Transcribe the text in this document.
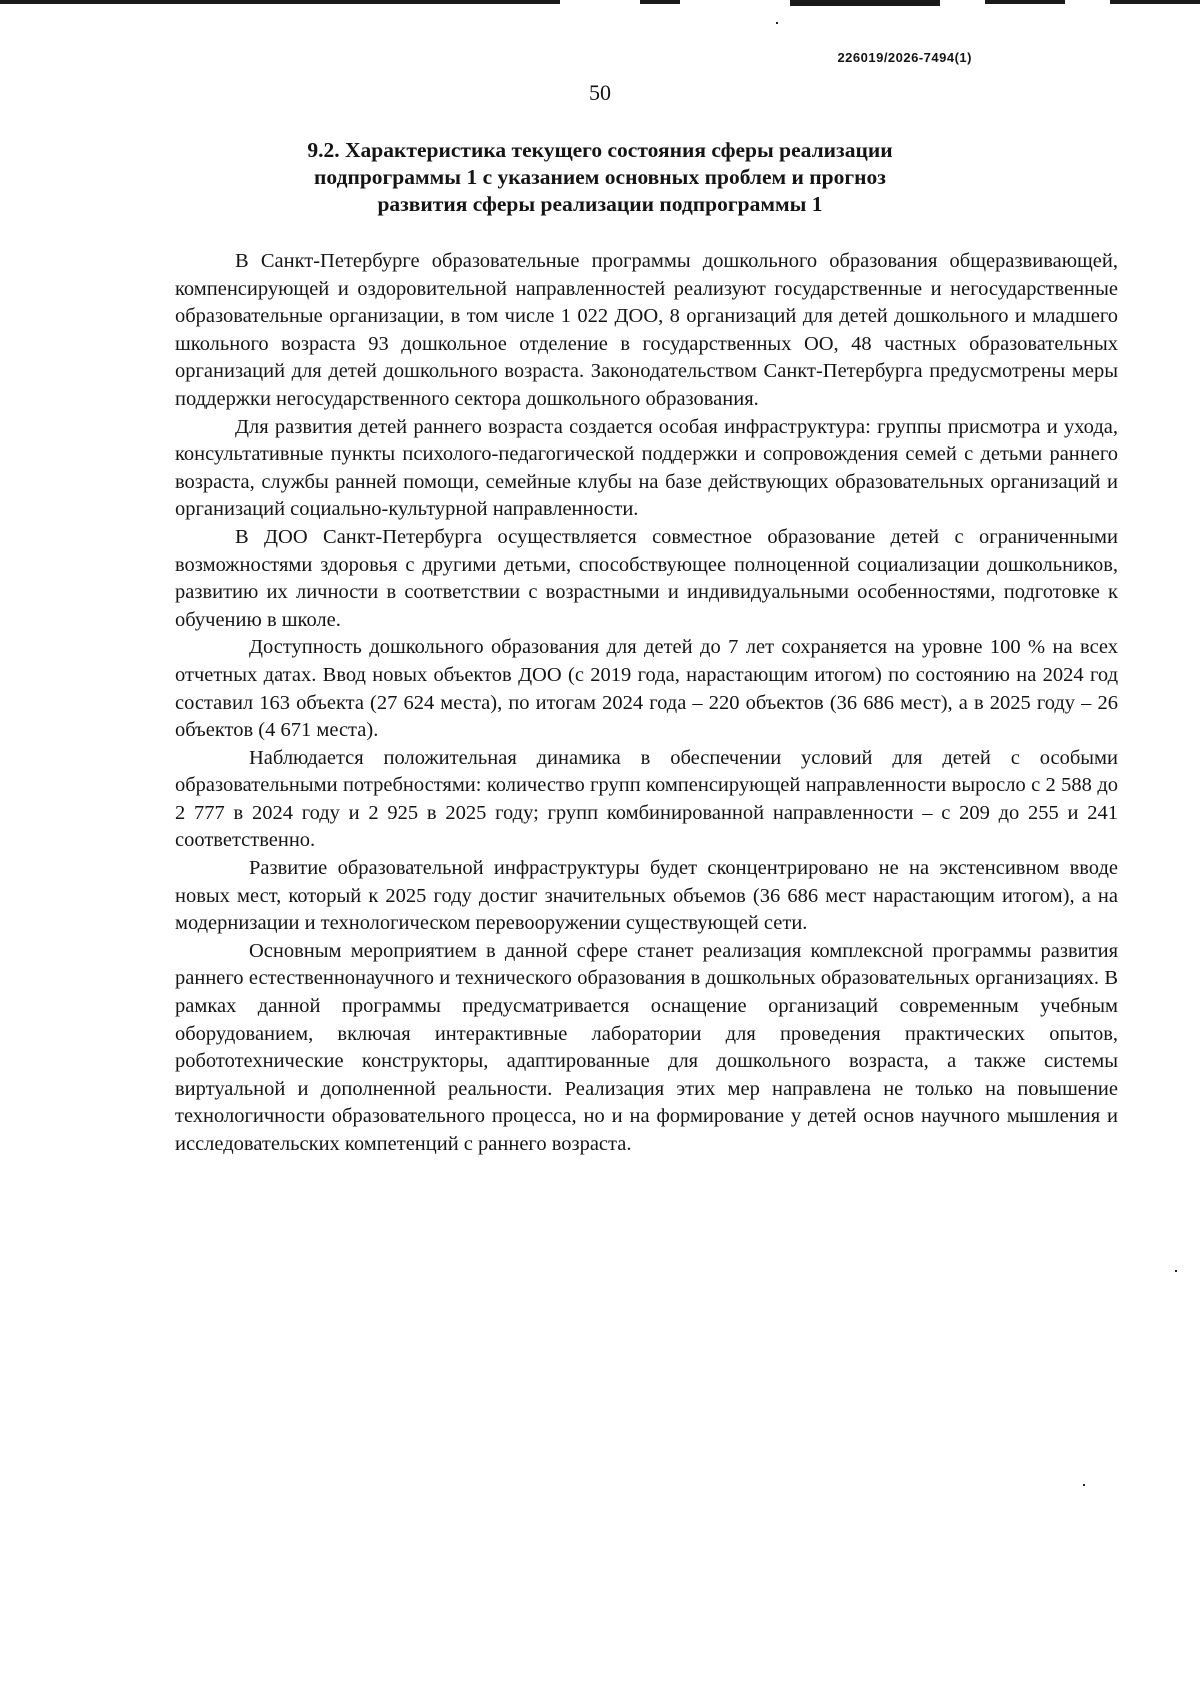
226019/2026-7494(1)
50
9.2. Характеристика текущего состояния сферы реализации
подпрограммы 1 с указанием основных проблем и прогноз
развития сферы реализации подпрограммы 1

В Санкт-Петербурге образовательные программы дошкольного образования общеразвивающей, компенсирующей и оздоровительной направленностей реализуют государственные и негосударственные образовательные организации, в том числе 1 022 ДОО, 8 организаций для детей дошкольного и младшего школьного возраста 93 дошкольное отделение в государственных ОО, 48 частных образовательных организаций для детей дошкольного возраста. Законодательством Санкт-Петербурга предусмотрены меры поддержки негосударственного сектора дошкольного образования.

Для развития детей раннего возраста создается особая инфраструктура: группы присмотра и ухода, консультативные пункты психолого-педагогической поддержки и сопровождения семей с детьми раннего возраста, службы ранней помощи, семейные клубы на базе действующих образовательных организаций и организаций социально-культурной направленности.

В ДОО Санкт-Петербурга осуществляется совместное образование детей с ограниченными возможностями здоровья с другими детьми, способствующее полноценной социализации дошкольников, развитию их личности в соответствии с возрастными и индивидуальными особенностями, подготовке к обучению в школе.

Доступность дошкольного образования для детей до 7 лет сохраняется на уровне 100 % на всех отчетных датах. Ввод новых объектов ДОО (с 2019 года, нарастающим итогом) по состоянию на 2024 год составил 163 объекта (27 624 места), по итогам 2024 года – 220 объектов (36 686 мест), а в 2025 году – 26 объектов (4 671 места).

Наблюдается положительная динамика в обеспечении условий для детей с особыми образовательными потребностями: количество групп компенсирующей направленности выросло с 2 588 до 2 777 в 2024 году и 2 925 в 2025 году; групп комбинированной направленности – с 209 до 255 и 241 соответственно.

Развитие образовательной инфраструктуры будет сконцентрировано не на экстенсивном вводе новых мест, который к 2025 году достиг значительных объемов (36 686 мест нарастающим итогом), а на модернизации и технологическом перевооружении существующей сети.

Основным мероприятием в данной сфере станет реализация комплексной программы развития раннего естественнонаучного и технического образования в дошкольных образовательных организациях. В рамках данной программы предусматривается оснащение организаций современным учебным оборудованием, включая интерактивные лаборатории для проведения практических опытов, робототехнические конструкторы, адаптированные для дошкольного возраста, а также системы виртуальной и дополненной реальности. Реализация этих мер направлена не только на повышение технологичности образовательного процесса, но и на формирование у детей основ научного мышления и исследовательских компетенций с раннего возраста.
